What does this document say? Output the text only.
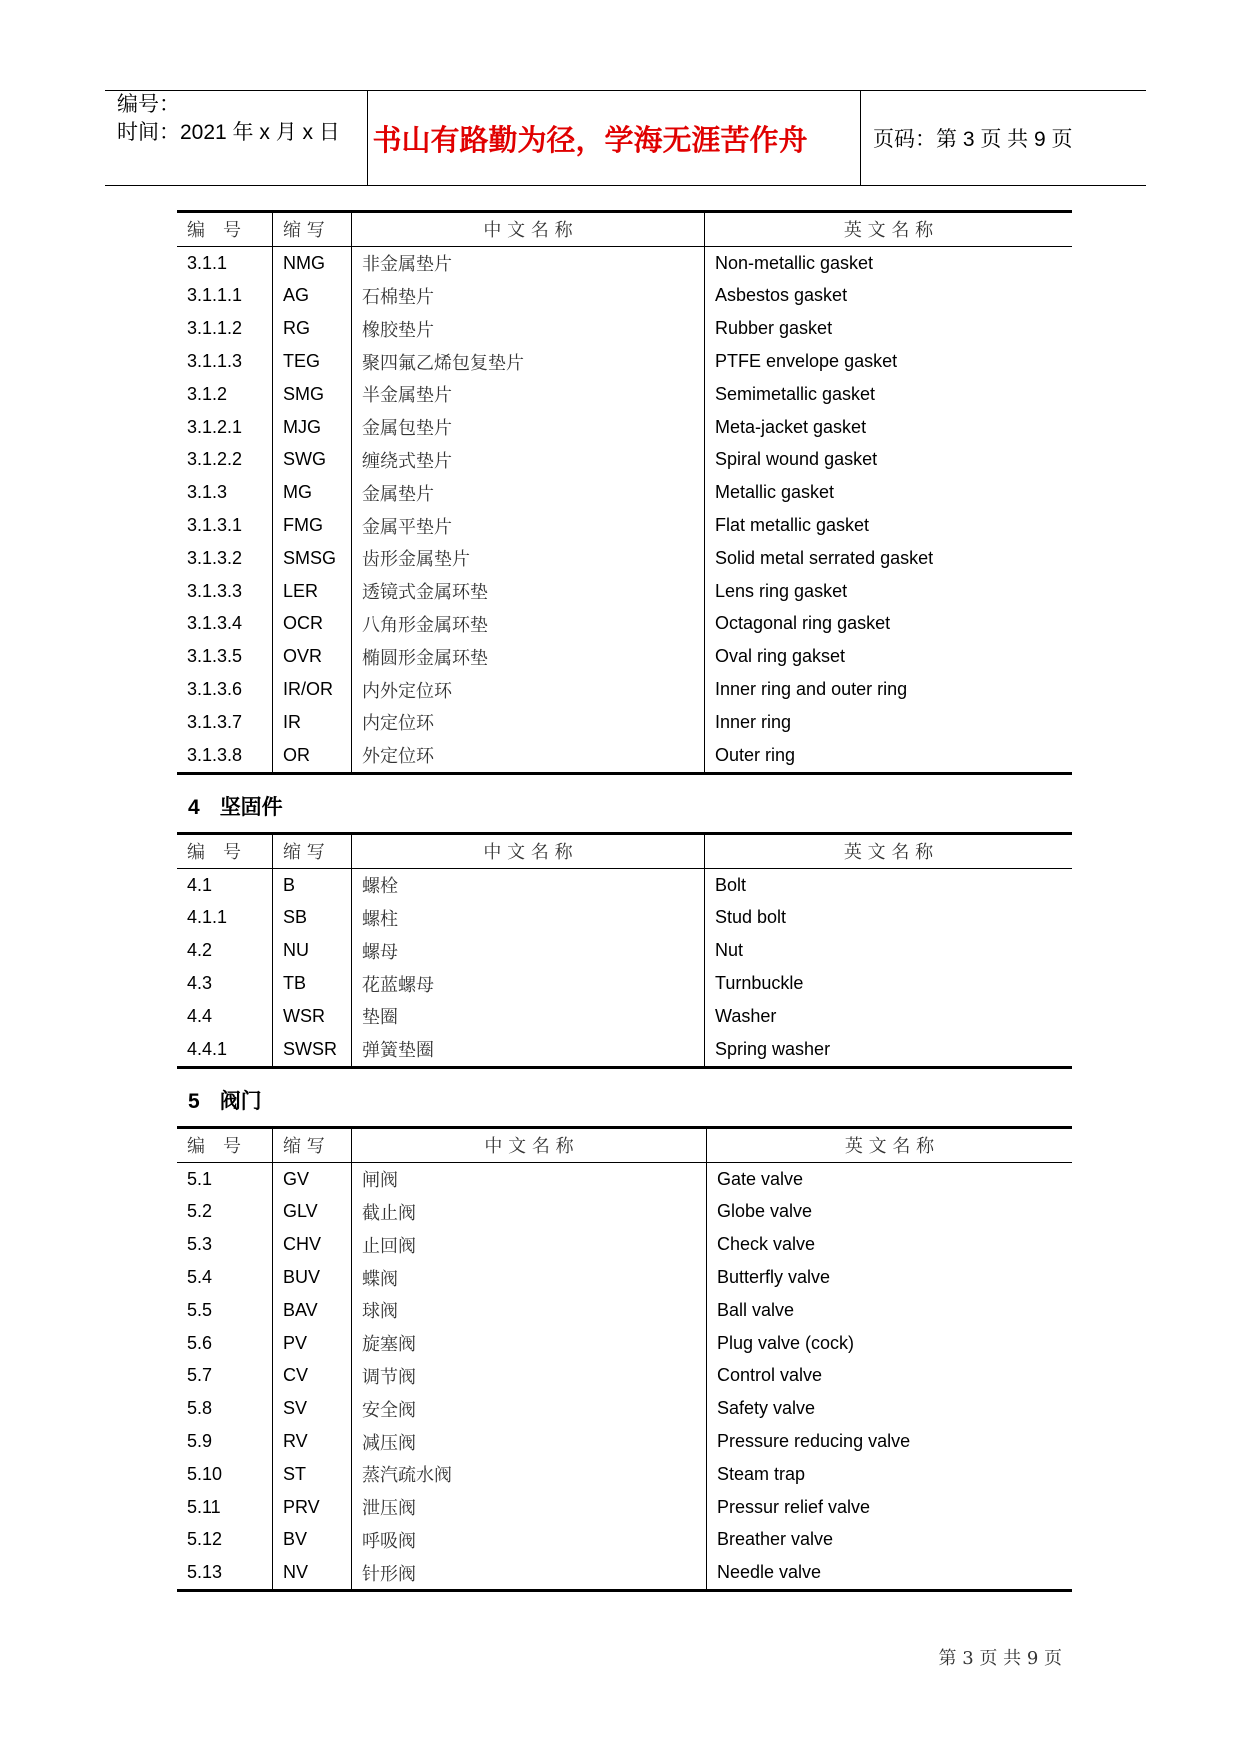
编号：
时间：2021 年 x 月 x 日	书山有路勤为径，学海无涯苦作舟	页码：第 3 页 共 9 页
编　号	缩 写	中 文 名 称	英 文 名 称
3.1.1	NMG	非金属垫片	Non-metallic gasket
3.1.1.1	AG	石棉垫片	Asbestos gasket
3.1.1.2	RG	橡胶垫片	Rubber gasket
3.1.1.3	TEG	聚四氟乙烯包复垫片	PTFE envelope gasket
3.1.2	SMG	半金属垫片	Semimetallic gasket
3.1.2.1	MJG	金属包垫片	Meta-jacket gasket
3.1.2.2	SWG	缠绕式垫片	Spiral wound gasket
3.1.3	MG	金属垫片	Metallic gasket
3.1.3.1	FMG	金属平垫片	Flat metallic gasket
3.1.3.2	SMSG	齿形金属垫片	Solid metal serrated gasket
3.1.3.3	LER	透镜式金属环垫	Lens ring gasket
3.1.3.4	OCR	八角形金属环垫	Octagonal ring gasket
3.1.3.5	OVR	椭圆形金属环垫	Oval ring gakset
3.1.3.6	IR/OR	内外定位环	Inner ring and outer ring
3.1.3.7	IR	内定位环	Inner ring
3.1.3.8	OR	外定位环	Outer ring
4 坚固件
编　号	缩 写	中 文 名 称	英 文 名 称
4.1	B	螺栓	Bolt
4.1.1	SB	螺柱	Stud bolt
4.2	NU	螺母	Nut
4.3	TB	花蓝螺母	Turnbuckle
4.4	WSR	垫圈	Washer
4.4.1	SWSR	弹簧垫圈	Spring washer
5 阀门
编　号	缩 写	中 文 名 称	英 文 名 称
5.1	GV	闸阀	Gate valve
5.2	GLV	截止阀	Globe valve
5.3	CHV	止回阀	Check valve
5.4	BUV	蝶阀	Butterfly valve
5.5	BAV	球阀	Ball valve
5.6	PV	旋塞阀	Plug valve (cock)
5.7	CV	调节阀	Control valve
5.8	SV	安全阀	Safety valve
5.9	RV	减压阀	Pressure reducing valve
5.10	ST	蒸汽疏水阀	Steam trap
5.11	PRV	泄压阀	Pressur relief valve
5.12	BV	呼吸阀	Breather valve
5.13	NV	针形阀	Needle valve
第 3 页 共 9 页
